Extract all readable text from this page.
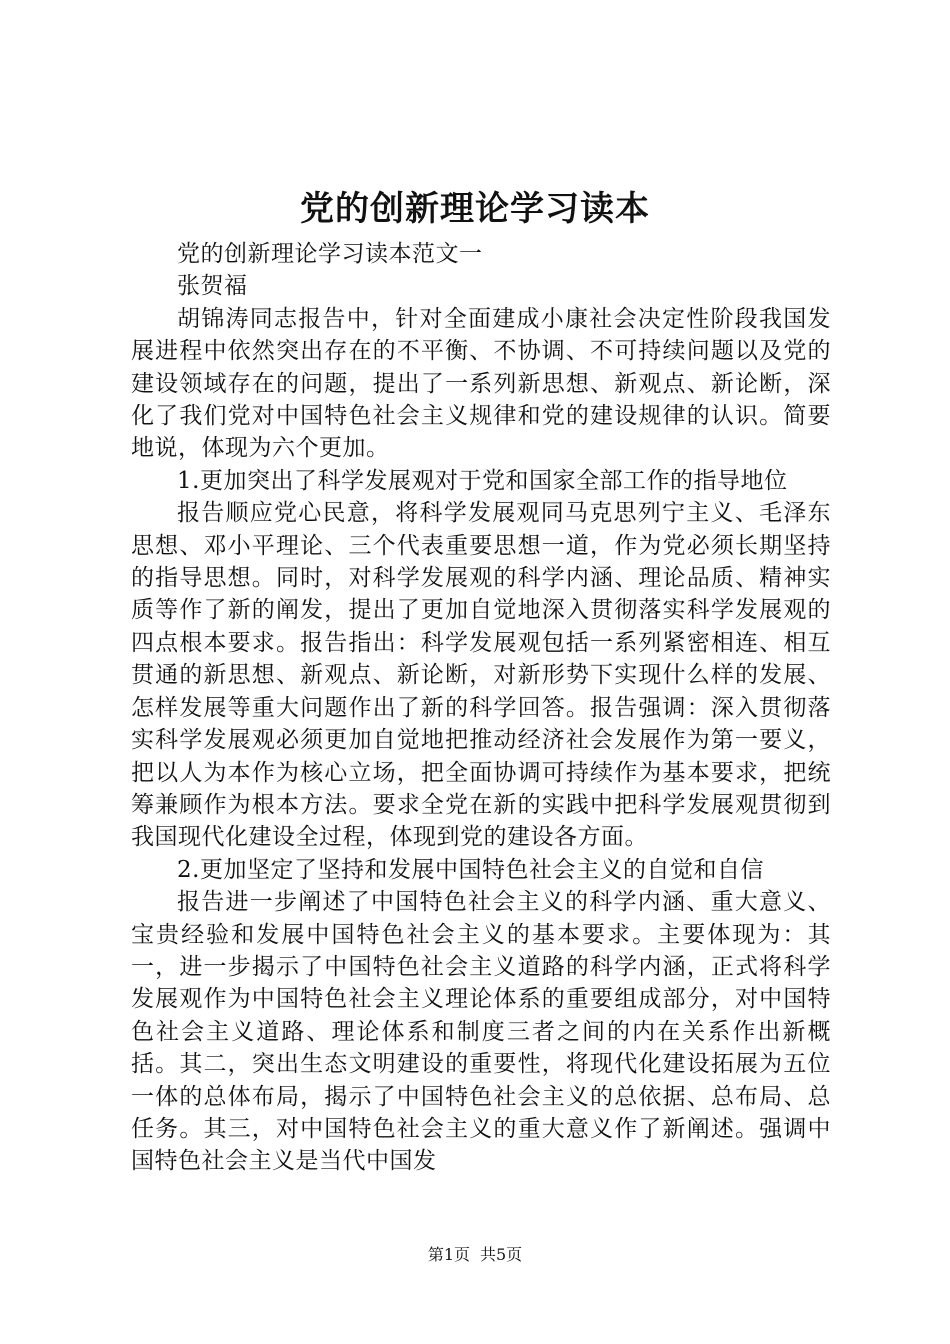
党的创新理论学习读本

党的创新理论学习读本范文一

张贺福

胡锦涛同志报告中，针对全面建成小康社会决定性阶段我国发展进程中依然突出存在的不平衡、不协调、不可持续问题以及党的建设领域存在的问题，提出了一系列新思想、新观点、新论断，深化了我们党对中国特色社会主义规律和党的建设规律的认识。简要地说，体现为六个更加。

1.更加突出了科学发展观对于党和国家全部工作的指导地位

报告顺应党心民意，将科学发展观同马克思列宁主义、毛泽东思想、邓小平理论、三个代表重要思想一道，作为党必须长期坚持的指导思想。同时，对科学发展观的科学内涵、理论品质、精神实质等作了新的阐发，提出了更加自觉地深入贯彻落实科学发展观的四点根本要求。报告指出：科学发展观包括一系列紧密相连、相互贯通的新思想、新观点、新论断，对新形势下实现什么样的发展、怎样发展等重大问题作出了新的科学回答。报告强调：深入贯彻落实科学发展观必须更加自觉地把推动经济社会发展作为第一要义，把以人为本作为核心立场，把全面协调可持续作为基本要求，把统筹兼顾作为根本方法。要求全党在新的实践中把科学发展观贯彻到我国现代化建设全过程，体现到党的建设各方面。

2.更加坚定了坚持和发展中国特色社会主义的自觉和自信

报告进一步阐述了中国特色社会主义的科学内涵、重大意义、宝贵经验和发展中国特色社会主义的基本要求。主要体现为：其一，进一步揭示了中国特色社会主义道路的科学内涵，正式将科学发展观作为中国特色社会主义理论体系的重要组成部分，对中国特色社会主义道路、理论体系和制度三者之间的内在关系作出新概括。其二，突出生态文明建设的重要性，将现代化建设拓展为五位一体的总体布局，揭示了中国特色社会主义的总依据、总布局、总任务。其三，对中国特色社会主义的重大意义作了新阐述。强调中国特色社会主义是当代中国发

第1页 共5页
